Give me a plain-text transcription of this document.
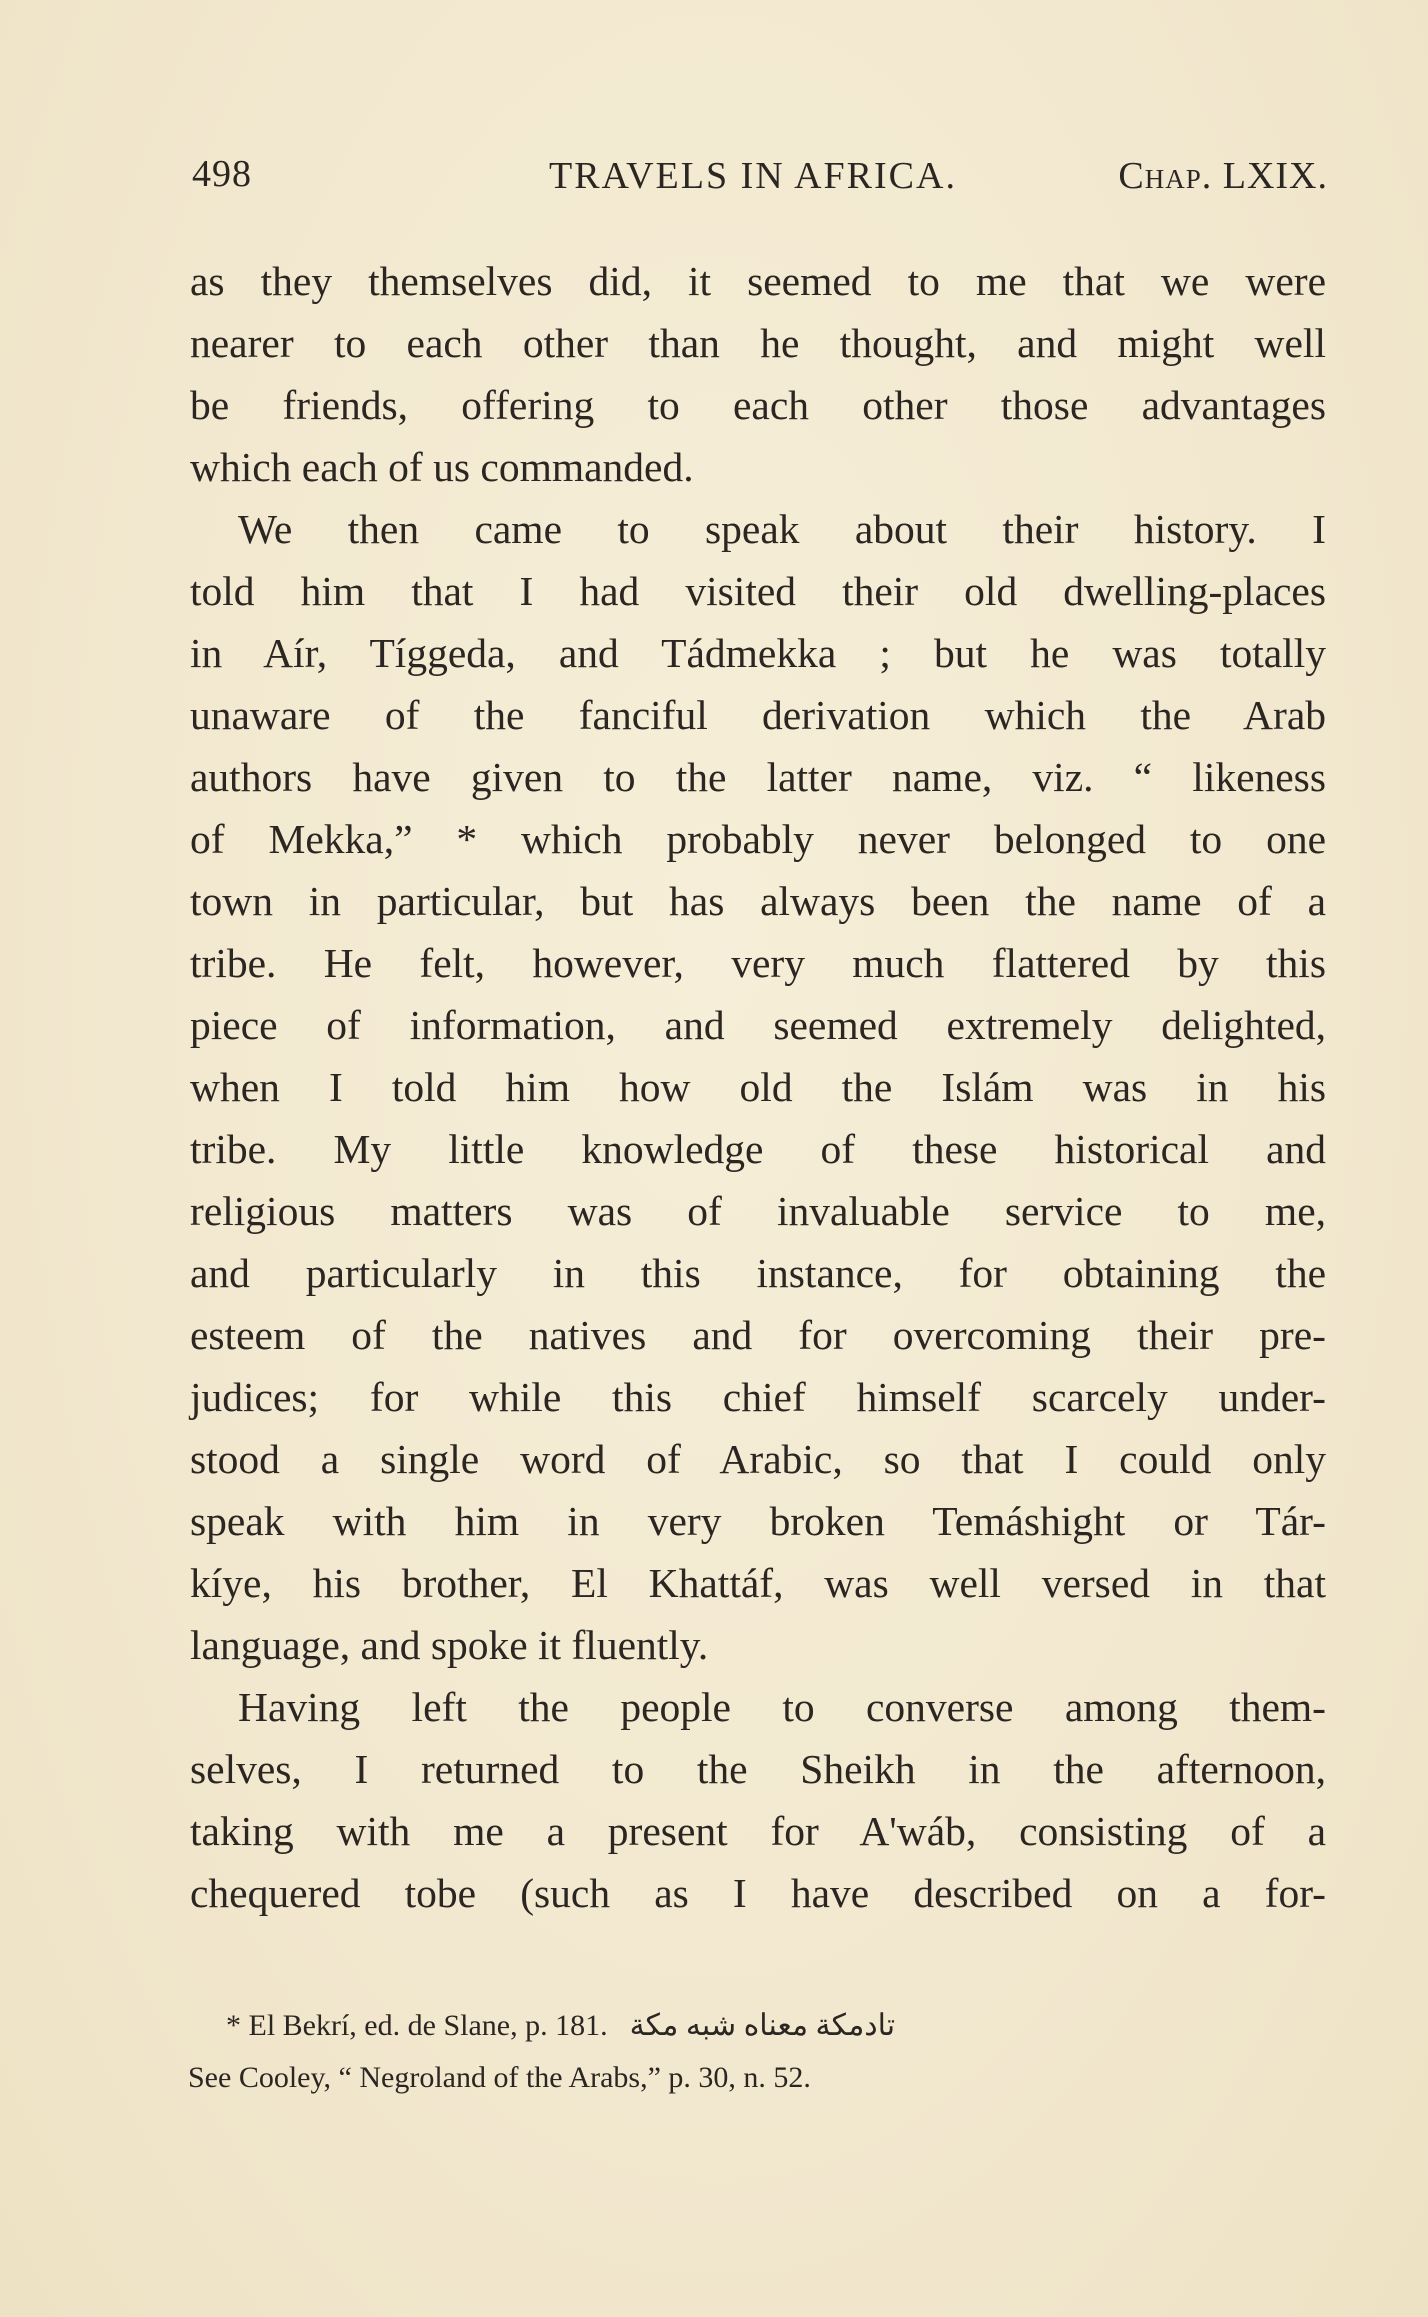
498	TRAVELS IN AFRICA.	Chap. LXIX.
as they themselves did, it seemed to me that we were
nearer to each other than he thought, and might well
be friends, offering to each other those advantages
which each of us commanded.
We then came to speak about their history. I
told him that I had visited their old dwelling-places
in Aír, Tíggeda, and Tádmekka ; but he was totally
unaware of the fanciful derivation which the Arab
authors have given to the latter name, viz. “ likeness
of Mekka,” * which probably never belonged to one
town in particular, but has always been the name of a
tribe. He felt, however, very much flattered by this
piece of information, and seemed extremely delighted,
when I told him how old the Islám was in his
tribe. My little knowledge of these historical and
religious matters was of invaluable service to me,
and particularly in this instance, for obtaining the
esteem of the natives and for overcoming their pre-
judices; for while this chief himself scarcely under-
stood a single word of Arabic, so that I could only
speak with him in very broken Temáshight or Tár-
kíye, his brother, El Khattáf, was well versed in that
language, and spoke it fluently.
Having left the people to converse among them-
selves, I returned to the Sheikh in the afternoon,
taking with me a present for A'wáb, consisting of a
chequered tobe (such as I have described on a for-
* El Bekrí, ed. de Slane, p. 181. تادمكة معناه شبه مكة
See Cooley, “ Negroland of the Arabs,” p. 30, n. 52.
